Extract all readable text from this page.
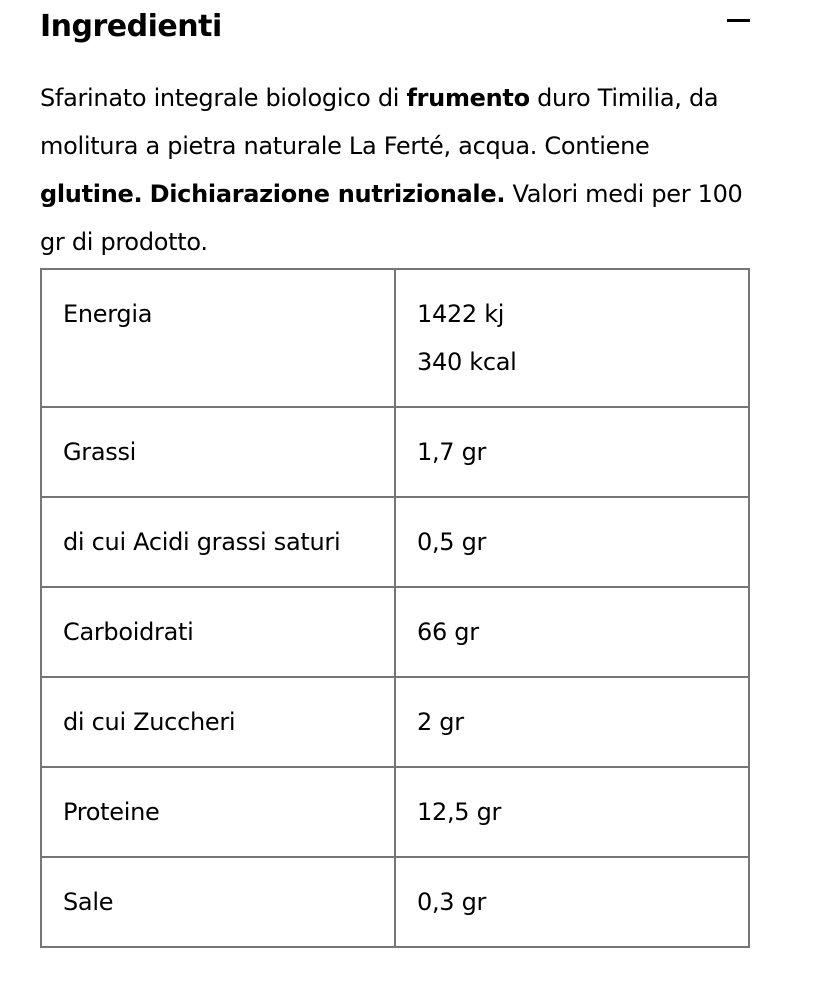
Ingredienti

Sfarinato integrale biologico di frumento duro Timilia, da molitura a pietra naturale La Ferté, acqua. Contiene glutine. Dichiarazione nutrizionale. Valori medi per 100 gr di prodotto.

Energia	1422 kj
340 kcal

Grassi	1,7 gr

di cui Acidi grassi saturi	0,5 gr

Carboidrati	66 gr

di cui Zuccheri	2 gr

Proteine	12,5 gr

Sale	0,3 gr
